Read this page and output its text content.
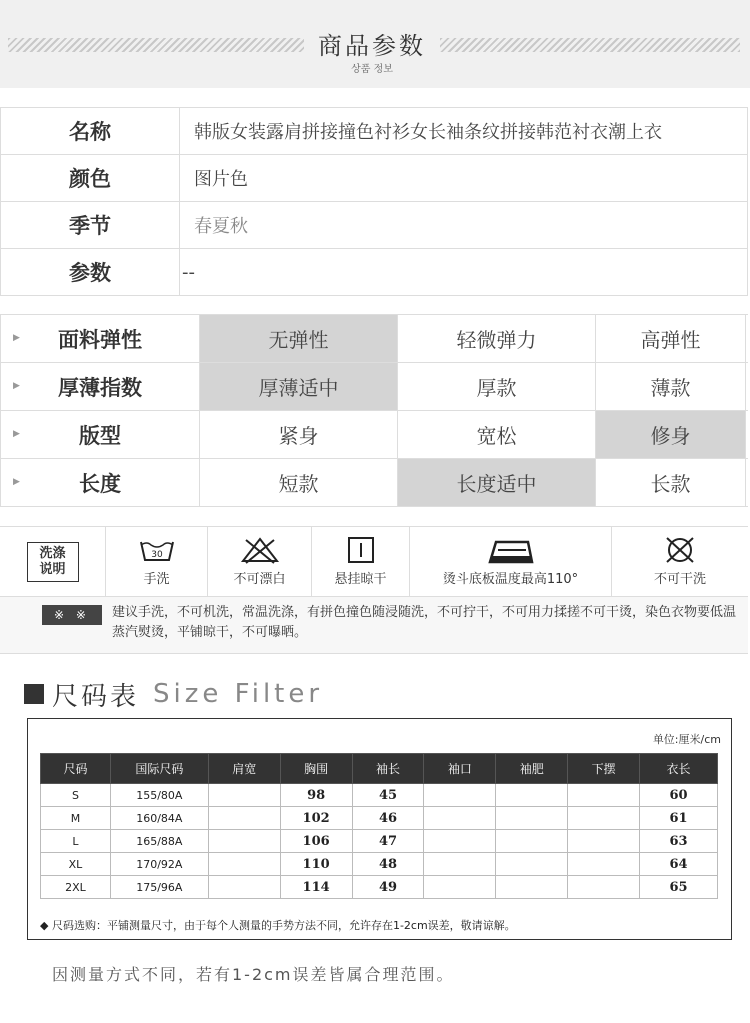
商品参数
상품 정보
名称	韩版女装露肩拼接撞色衬衫女长袖条纹拼接韩范衬衣潮上衣
颜色	图片色
季节	春夏秋
参数	--
▶ 面料弹性	无弹性	轻微弹力	高弹性
▶ 厚薄指数	厚薄适中	厚款	薄款
▶	版型	紧身	宽松	修身
▶	长度	短款	长度适中	长款
洗涤
说明
30
手洗	不可漂白	悬挂晾干	烫斗底板温度最高110°	不可干洗
※ ※	建议手洗，不可机洗，常温洗涤，有拼色撞色随浸随洗，不可拧干，不可用力揉搓不可干烫，染色衣物要低温蒸汽熨烫，平铺晾干，不可曝晒。
尺码表 Size Filter
单位:厘米/cm
尺码	国际尺码	肩宽	胸围	袖长	袖口	袖肥	下摆	衣长
S	155/80A		98	45				60
M	160/84A		102	46				61
L	165/88A		106	47				63
XL	170/92A		110	48				64
2XL	175/96A		114	49				65
◆ 尺码选购：平铺测量尺寸，由于每个人测量的手势方法不同，允许存在1-2cm误差，敬请谅解。
因测量方式不同，若有1-2cm误差皆属合理范围。
